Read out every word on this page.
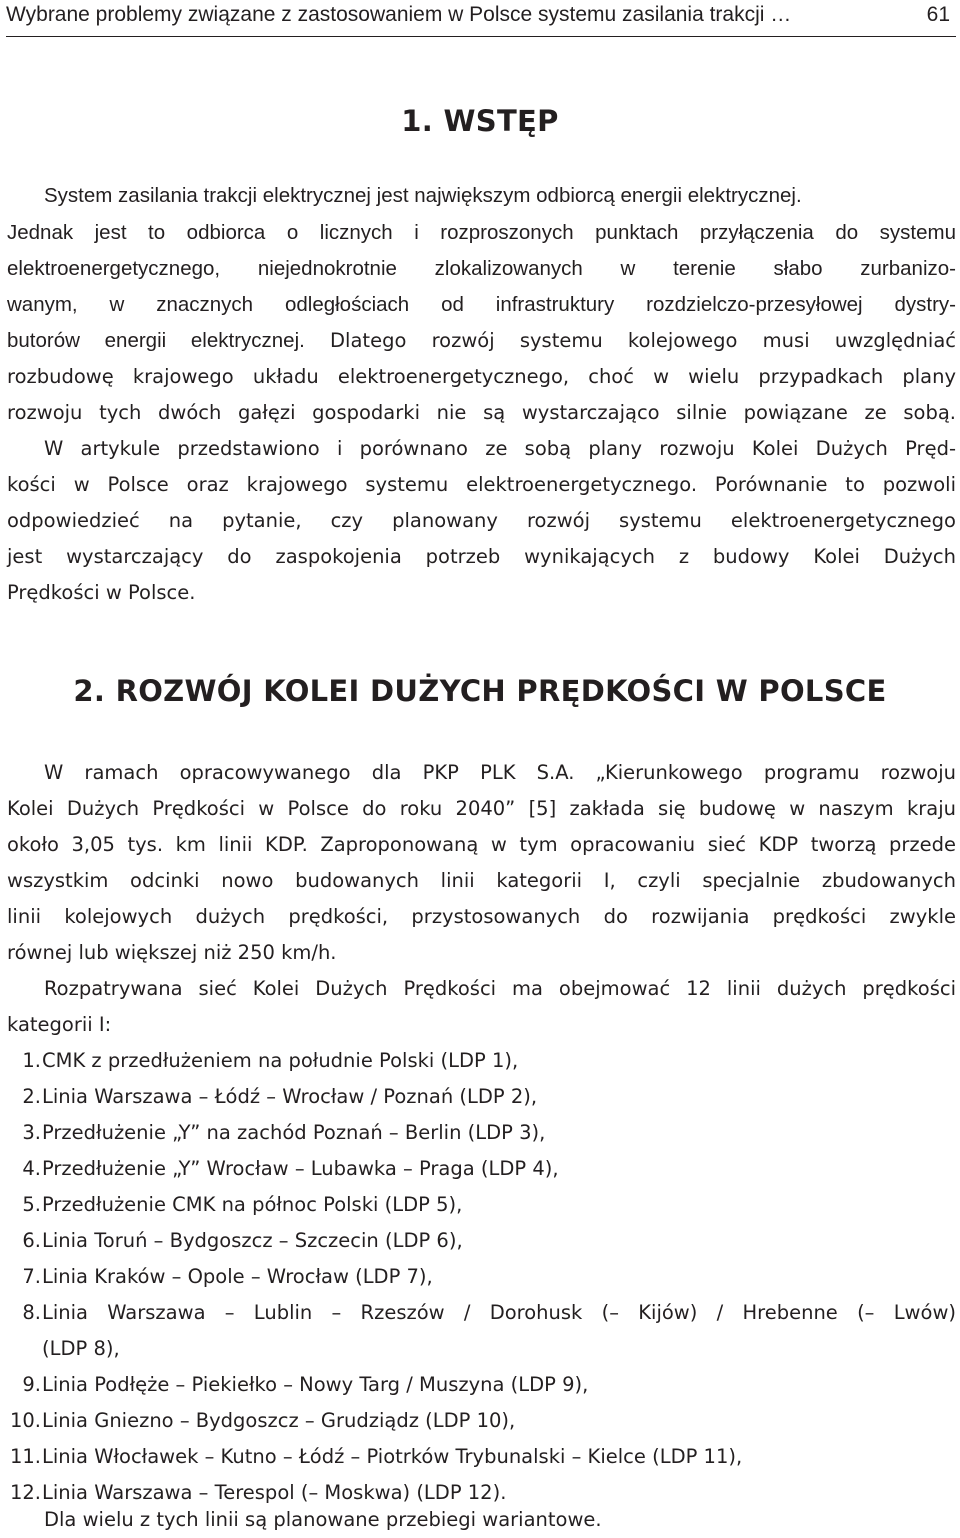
Wybrane problemy związane z zastosowaniem w Polsce systemu zasilania trakcji …	61
1. WSTĘP
System zasilania trakcji elektrycznej jest największym odbiorcą energii elektrycznej.
Jednak jest to odbiorca o licznych i rozproszonych punktach przyłączenia do systemu
elektroenergetycznego, niejednokrotnie zlokalizowanych w terenie słabo zurbanizo-
wanym, w znacznych odległościach od infrastruktury rozdzielczo-przesyłowej dystry-
butorów energii elektrycznej. Dlatego rozwój systemu kolejowego musi uwzględniać
rozbudowę krajowego układu elektroenergetycznego, choć w wielu przypadkach plany
rozwoju tych dwóch gałęzi gospodarki nie są wystarczająco silnie powiązane ze sobą.
W artykule przedstawiono i porównano ze sobą plany rozwoju Kolei Dużych Pręd-
kości w Polsce oraz krajowego systemu elektroenergetycznego. Porównanie to pozwoli
odpowiedzieć na pytanie, czy planowany rozwój systemu elektroenergetycznego
jest wystarczający do zaspokojenia potrzeb wynikających z budowy Kolei Dużych
Prędkości w Polsce.
2. ROZWÓJ KOLEI DUŻYCH PRĘDKOŚCI W POLSCE
W ramach opracowywanego dla PKP PLK S.A. „Kierunkowego programu rozwoju
Kolei Dużych Prędkości w Polsce do roku 2040” [5] zakłada się budowę w naszym kraju
około 3,05 tys. km linii KDP. Zaproponowaną w tym opracowaniu sieć KDP tworzą przede
wszystkim odcinki nowo budowanych linii kategorii I, czyli specjalnie zbudowanych
linii kolejowych dużych prędkości, przystosowanych do rozwijania prędkości zwykle
równej lub większej niż 250 km/h.
Rozpatrywana sieć Kolei Dużych Prędkości ma obejmować 12 linii dużych prędkości
kategorii I:
1. CMK z przedłużeniem na południe Polski (LDP 1),
2. Linia Warszawa – Łódź – Wrocław / Poznań (LDP 2),
3. Przedłużenie „Y” na zachód Poznań – Berlin (LDP 3),
4. Przedłużenie „Y” Wrocław – Lubawka – Praga (LDP 4),
5. Przedłużenie CMK na północ Polski (LDP 5),
6. Linia Toruń – Bydgoszcz – Szczecin (LDP 6),
7. Linia Kraków – Opole – Wrocław (LDP 7),
8. Linia Warszawa – Lublin – Rzeszów / Dorohusk (– Kijów) / Hrebenne (– Lwów)
(LDP 8),
9. Linia Podłęże – Piekiełko – Nowy Targ / Muszyna (LDP 9),
10. Linia Gniezno – Bydgoszcz – Grudziądz (LDP 10),
11. Linia Włocławek – Kutno – Łódź – Piotrków Trybunalski – Kielce (LDP 11),
12. Linia Warszawa – Terespol (– Moskwa) (LDP 12).
Dla wielu z tych linii są planowane przebiegi wariantowe.
